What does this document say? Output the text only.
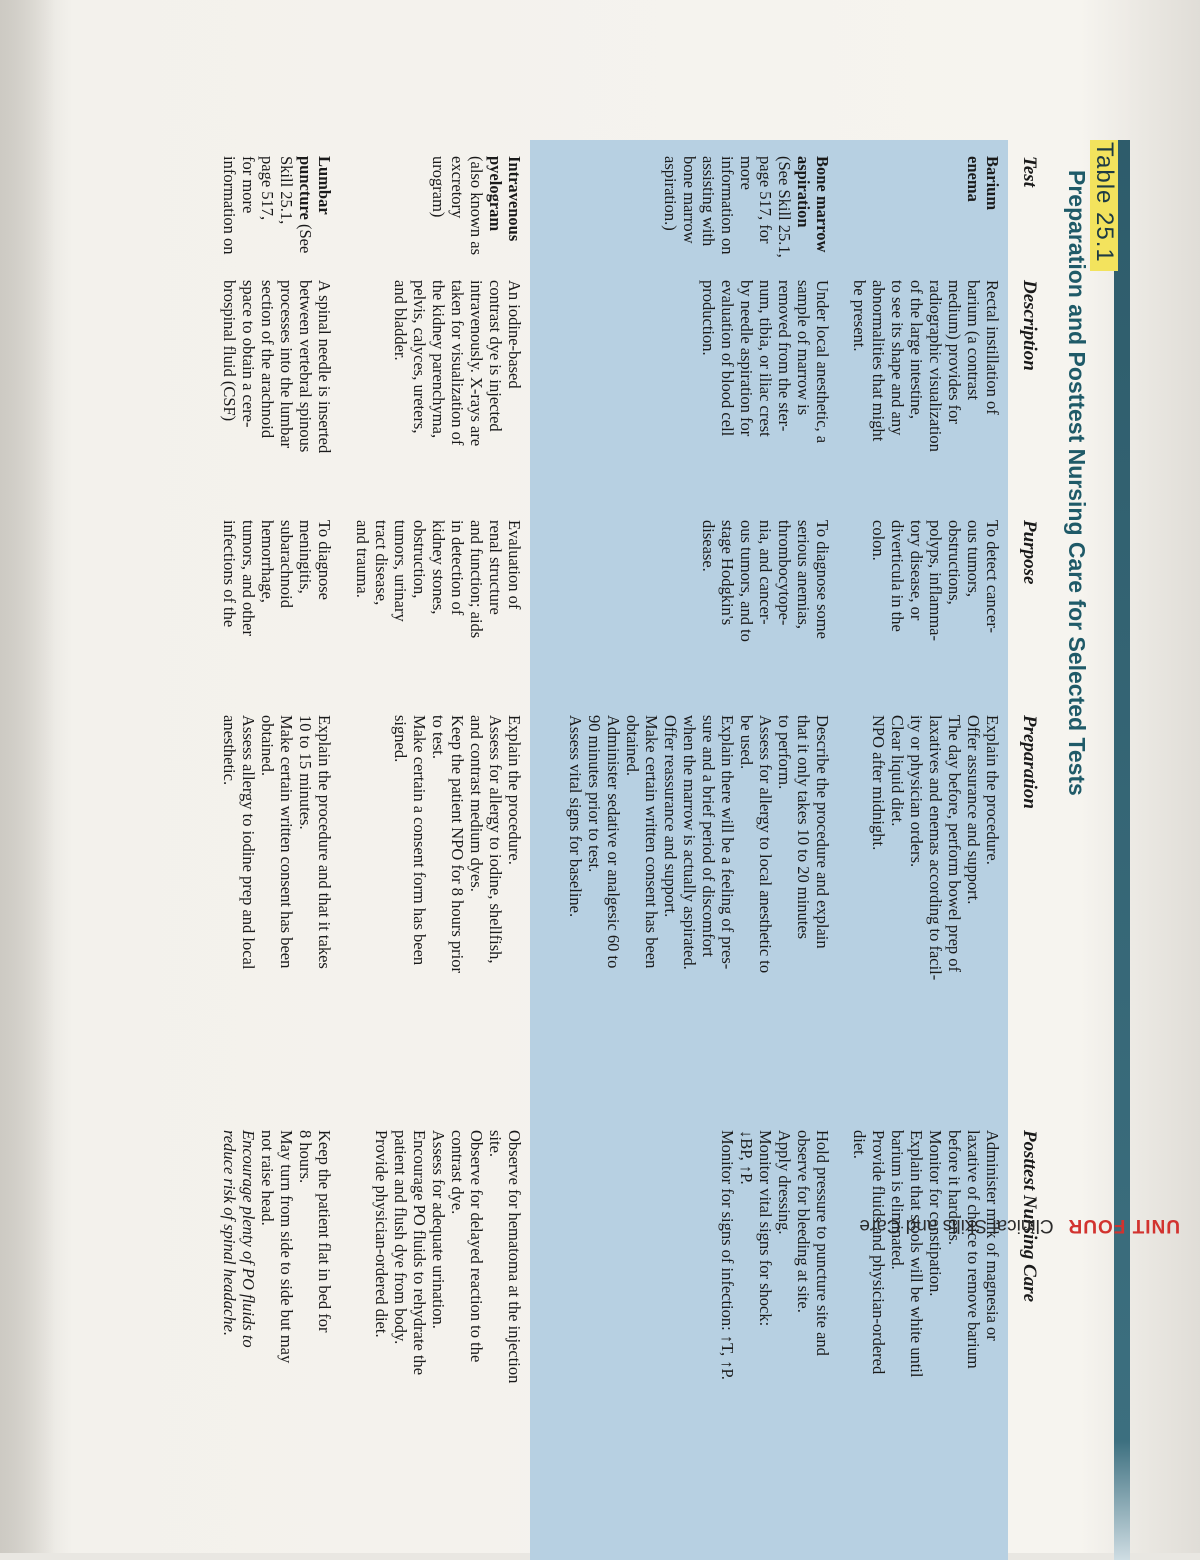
Table 25.1
Preparation and Posttest Nursing Care for Selected Tests
Test
Description
Purpose
Preparation
Posttest Nursing Care
Barium
enema
Rectal instillation of
barium (a contrast
medium) provides for
radiographic visualization
of the large intestine,
to see its shape and any
abnormalities that might
be present.
To detect cancer-
ous tumors,
obstructions,
polyps, inflamma-
tory disease, or
diverticula in the
colon.
Explain the procedure.
Offer assurance and support.
The day before, perform bowel prep of
laxatives and enemas according to facil-
ity or physician orders.
Clear liquid diet.
NPO after midnight.
Administer milk of magnesia or
laxative of choice to remove barium
before it hardens.
Monitor for constipation.
Explain that stools will be white until
barium is eliminated.
Provide fluids and physician-ordered
diet.
Bone marrow
aspiration
(See Skill 25.1,
page 517, for
more
information on
assisting with
bone marrow
aspiration.)
Under local anesthetic, a
sample of marrow is
removed from the ster-
num, tibia, or iliac crest
by needle aspiration for
evaluation of blood cell
production.
To diagnose some
serious anemias,
thrombocytope-
nia, and cancer-
ous tumors, and to
stage Hodgkin's
disease.
Describe the procedure and explain
that it only takes 10 to 20 minutes
to perform.
Assess for allergy to local anesthetic to
be used.
Explain there will be a feeling of pres-
sure and a brief period of discomfort
when the marrow is actually aspirated.
Offer reassurance and support.
Make certain written consent has been
obtained.
Administer sedative or analgesic 60 to
90 minutes prior to test.
Assess vital signs for baseline.
Hold pressure to puncture site and
observe for bleeding at site.
Apply dressing.
Monitor vital signs for shock:
↓BP, ↑P.
Monitor for signs of infection: ↑T, ↑P.
Intravenous
pyelogram
(also known as
excretory
urogram)
An iodine-based
contrast dye is injected
intravenously. X-rays are
taken for visualization of
the kidney parenchyma,
pelvis, calyces, ureters,
and bladder.
Evaluation of
renal structure
and function; aids
in detection of
kidney stones,
obstruction,
tumors, urinary
tract disease,
and trauma.
Explain the procedure.
Assess for allergy to iodine, shellfish,
and contrast medium dyes.
Keep the patient NPO for 8 hours prior
to test.
Make certain a consent form has been
signed.
Observe for hematoma at the injection
site.
Observe for delayed reaction to the
contrast dye.
Assess for adequate urination.
Encourage PO fluids to rehydrate the
patient and flush dye from body.
Provide physician-ordered diet.
Lumbar
puncture (See
Skill 25.1,
page 517,
for more
information on
A spinal needle is inserted
between vertebral spinous
processes into the lumbar
section of the arachnoid
space to obtain a cere-
brospinal fluid (CSF)
To diagnose
meningitis,
subarachnoid
hemorrhage,
tumors, and other
infections of the
Explain the procedure and that it takes
10 to 15 minutes.
Make certain written consent has been
obtained.
Assess allergy to iodine prep and local
anesthetic.
Keep the patient flat in bed for
8 hours.
May turn from side to side but may
not raise head.
Encourage plenty of PO fluids to
reduce risk of spinal headache.	UNIT FOURClinical Skills and Care
